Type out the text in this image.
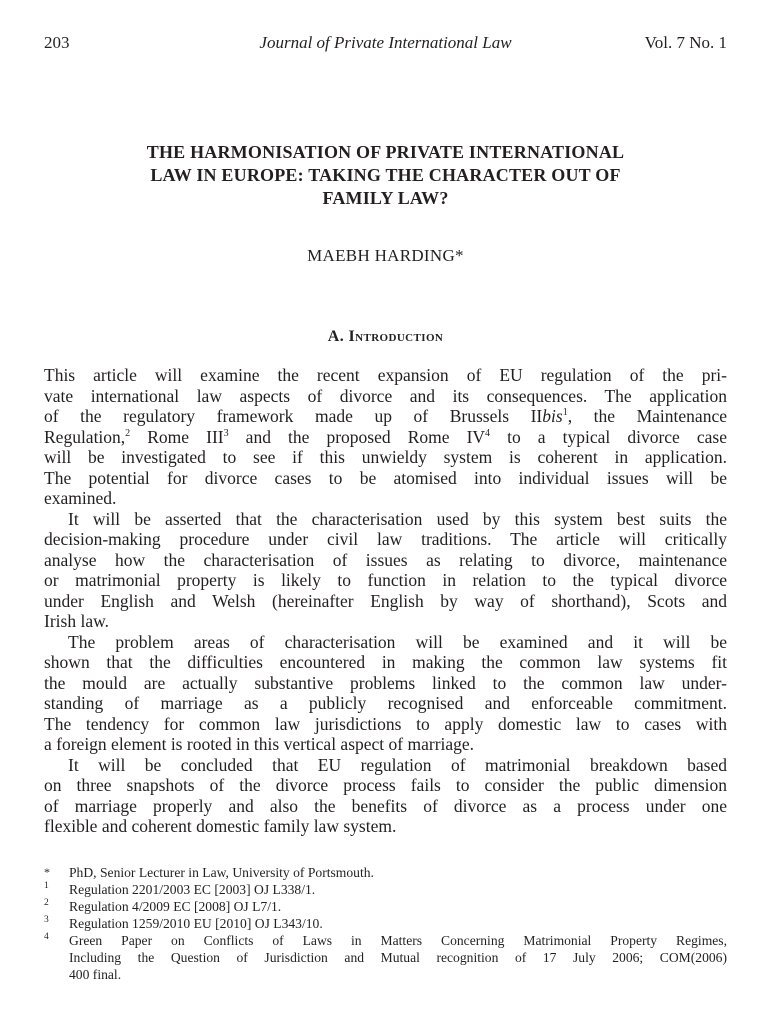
203	Journal of Private International Law	Vol. 7 No. 1
THE HARMONISATION OF PRIVATE INTERNATIONAL
LAW IN EUROPE: TAKING THE CHARACTER OUT OF
FAMILY LAW?
MAEBH HARDING*
A. Introduction
This article will examine the recent expansion of EU regulation of the pri-
vate international law aspects of divorce and its consequences. The application
of the regulatory framework made up of Brussels IIbis$^1$, the Maintenance
Regulation,$^2$ Rome III$^3$ and the proposed Rome $IV^4$ to a typical divorce case
will be investigated to see if this unwieldy system is coherent in application.
The potential for divorce cases to be atomised into individual issues will be
examined.
It will be asserted that the characterisation used by this system best suits the
decision-making procedure under civil law traditions. The article will critically
analyse how the characterisation of issues as relating to divorce, maintenance
or matrimonial property is likely to function in relation to the typical divorce
under English and Welsh (hereinafter English by way of shorthand), Scots and
Irish law.
The problem areas of characterisation will be examined and it will be
shown that the difficulties encountered in making the common law systems fit
the mould are actually substantive problems linked to the common law under-
standing of marriage as a publicly recognised and enforceable commitment.
The tendency for common law jurisdictions to apply domestic law to cases with
a foreign element is rooted in this vertical aspect of marriage.
It will be concluded that EU regulation of matrimonial breakdown based
on three snapshots of the divorce process fails to consider the public dimension
of marriage properly and also the benefits of divorce as a process under one
flexible and coherent domestic family law system.
* PhD, Senior Lecturer in Law, University of Portsmouth.
1 Regulation 2201/2003 EC [2003] OJ L338/1.
2 Regulation 4/2009 EC [2008] OJ L7/1.
3 Regulation 1259/2010 EU [2010] OJ L343/10.
4 Green Paper on Conflicts of Laws in Matters Concerning Matrimonial Property Regimes,
Including the Question of Jurisdiction and Mutual recognition of 17 July 2006; COM(2006)
400 final.
